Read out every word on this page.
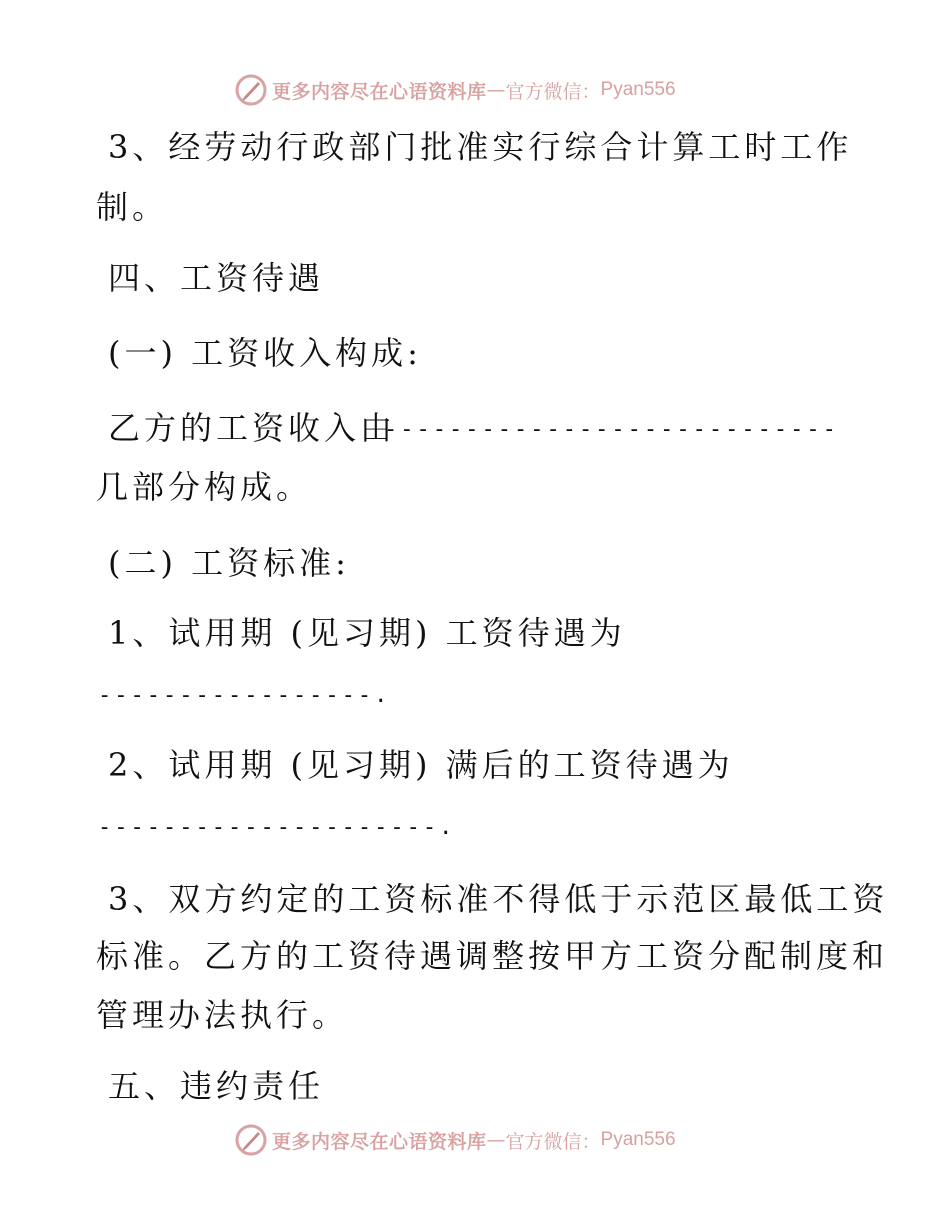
更多内容尽在心语资料库 — 官方微信： Pyan556
3、经劳动行政部门批准实行综合计算工时工作
制。
四、工资待遇
(一) 工资收入构成:
乙方的工资收入由
----------------------------
几部分构成。
(二) 工资标准:
1、试用期 (见习期) 工资待遇为
-----------------.
2、试用期 (见习期) 满后的工资待遇为
---------------------.
3、双方约定的工资标准不得低于示范区最低工资
标准。乙方的工资待遇调整按甲方工资分配制度和
管理办法执行。
五、违约责任
更多内容尽在心语资料库 — 官方微信： Pyan556
